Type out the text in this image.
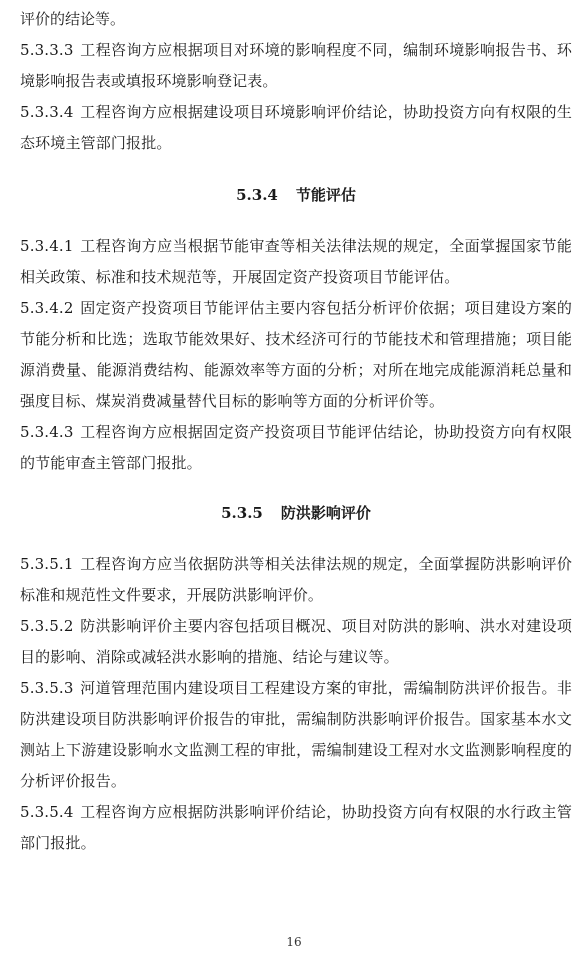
评价的结论等。

5.3.3.3 工程咨询方应根据项目对环境的影响程度不同，编制环境影响报告书、环境影响报告表或填报环境影响登记表。

5.3.3.4 工程咨询方应根据建设项目环境影响评价结论，协助投资方向有权限的生态环境主管部门报批。

5.3.4 节能评估

5.3.4.1 工程咨询方应当根据节能审查等相关法律法规的规定，全面掌握国家节能相关政策、标准和技术规范等，开展固定资产投资项目节能评估。

5.3.4.2 固定资产投资项目节能评估主要内容包括分析评价依据；项目建设方案的节能分析和比选；选取节能效果好、技术经济可行的节能技术和管理措施；项目能源消费量、能源消费结构、能源效率等方面的分析；对所在地完成能源消耗总量和强度目标、煤炭消费减量替代目标的影响等方面的分析评价等。

5.3.4.3 工程咨询方应根据固定资产投资项目节能评估结论，协助投资方向有权限的节能审查主管部门报批。

5.3.5 防洪影响评价

5.3.5.1 工程咨询方应当依据防洪等相关法律法规的规定，全面掌握防洪影响评价标准和规范性文件要求，开展防洪影响评价。

5.3.5.2 防洪影响评价主要内容包括项目概况、项目对防洪的影响、洪水对建设项目的影响、消除或减轻洪水影响的措施、结论与建议等。

5.3.5.3 河道管理范围内建设项目工程建设方案的审批，需编制防洪评价报告。非防洪建设项目防洪影响评价报告的审批，需编制防洪影响评价报告。国家基本水文测站上下游建设影响水文监测工程的审批，需编制建设工程对水文监测影响程度的分析评价报告。

5.3.5.4 工程咨询方应根据防洪影响评价结论，协助投资方向有权限的水行政主管部门报批。

16
